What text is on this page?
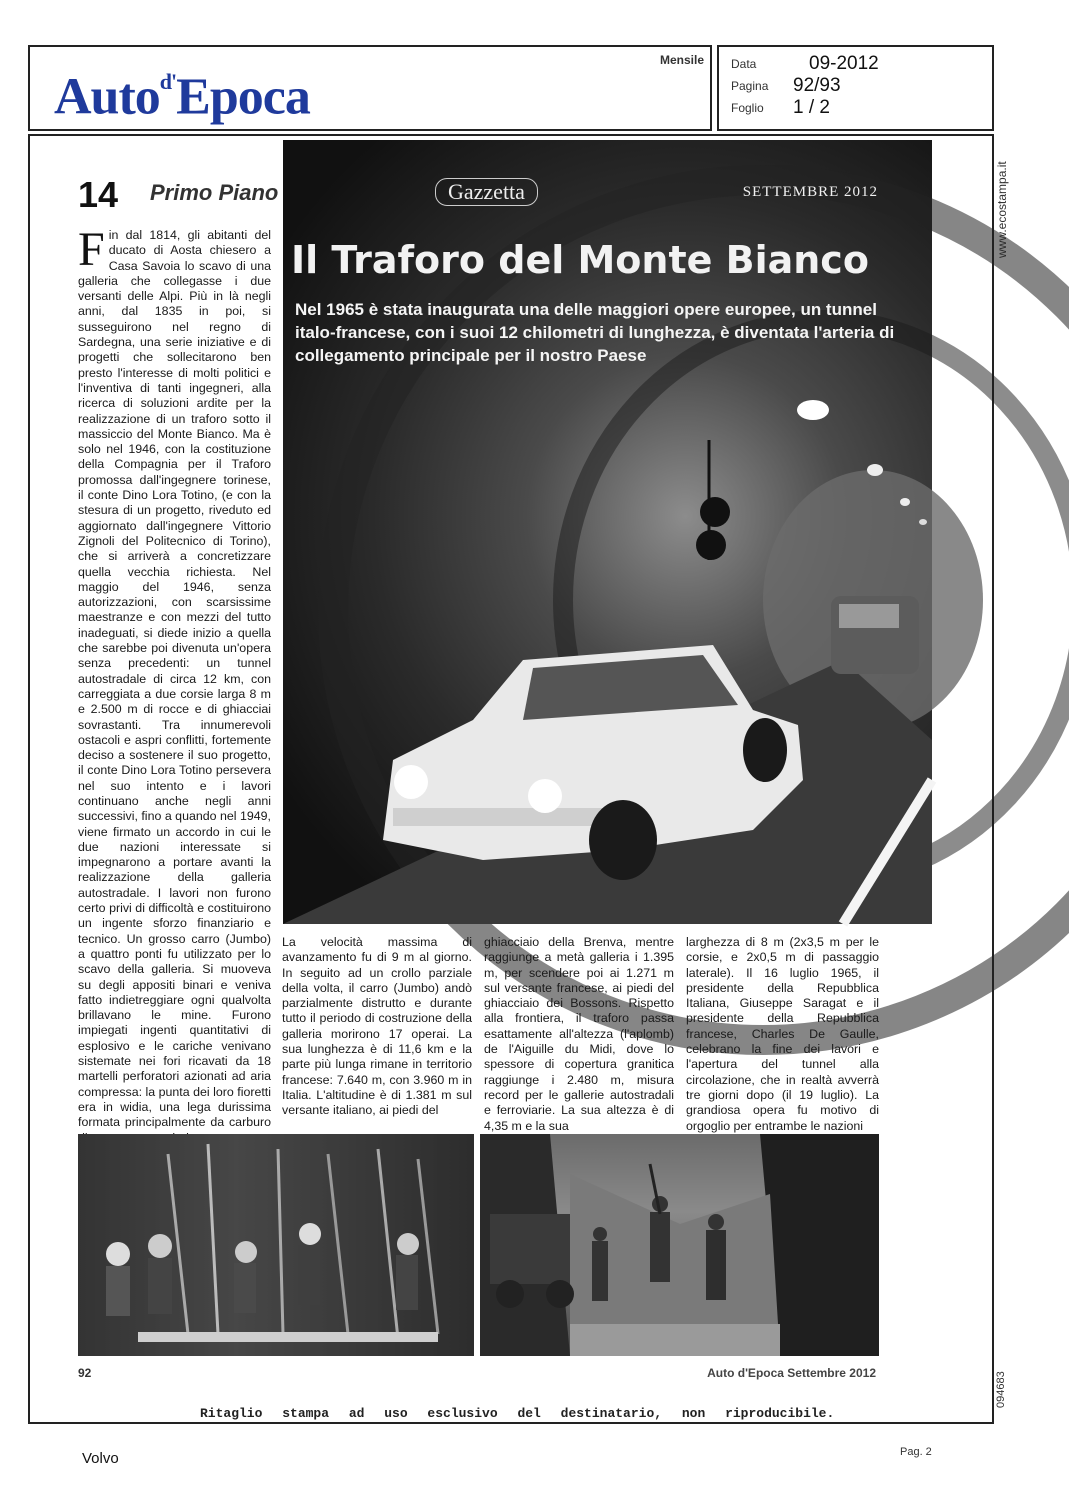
Auto$^{d'}$Epoca
Mensile Data	09-2012
Pagina 92/93
Foglio 1 / 2
www.ecostampa.it
094683
14 Primo Piano	Gazzetta	SETTEMBRE 2012
Il Traforo del Monte Bianco
Nel 1965 è stata inaugurata una delle maggiori opere europee, un tunnel italo-francese, con i suoi 12 chilometri di lunghezza, è diventata l'arteria di collegamento principale per il nostro Paese
Fin dal 1814, gli abitanti del ducato di Aosta chiesero a Casa Savoia lo scavo di una galleria che collegasse i due versanti delle Alpi. Più in là negli anni, dal 1835 in poi, si susseguirono nel regno di Sardegna, una serie iniziative e di progetti che sollecitarono ben presto l'interesse di molti politici e l'inventiva di tanti ingegneri, alla ricerca di soluzioni ardite per la realizzazione di un traforo sotto il massiccio del Monte Bianco. Ma è solo nel 1946, con la costituzione della Compagnia per il Traforo promossa dall'ingegnere torinese, il conte Dino Lora Totino, (e con la stesura di un progetto, riveduto ed aggiornato dall'ingegnere Vittorio Zignoli del Politecnico di Torino), che si arriverà a concretizzare quella vecchia richiesta. Nel maggio del 1946, senza autorizzazioni, con scarsissime maestranze e con mezzi del tutto inadeguati, si diede inizio a quella che sarebbe poi divenuta un'opera senza precedenti: un tunnel autostradale di circa 12 km, con carreggiata a due corsie larga 8 m e 2.500 m di rocce e di ghiacciai sovrastanti. Tra innumerevoli ostacoli e aspri conflitti, fortemente deciso a sostenere il suo progetto, il conte Dino Lora Totino persevera nel suo intento e i lavori continuano anche negli anni successivi, fino a quando nel 1949, viene firmato un accordo in cui le due nazioni interessate si impegnarono a portare avanti la realizzazione della galleria autostradale. I lavori non furono certo privi di difficoltà e costituirono un ingente sforzo finanziario e tecnico. Un grosso carro (Jumbo) a quattro ponti fu utilizzato per lo scavo della galleria. Si muoveva su degli appositi binari e veniva fatto indietreggiare ogni qualvolta brillavano le mine. Furono impiegati ingenti quantitativi di esplosivo e le cariche venivano sistemate nei fori ricavati da 18 martelli perforatori azionati ad aria compressa: la punta dei loro fioretti era in widia, una lega durissima formata principalmente da carburo
La velocità massima di avanzamento fu di 9 m al giorno. In seguito ad un crollo parziale della volta, il carro (Jumbo) andò parzialmente distrutto e durante tutto il periodo di costruzione della galleria morirono 17 operai. La sua lunghezza è di 11,6 km e la parte più lunga rimane in territorio francese: 7.640 m, con 3.960 m in Italia. L'altitudine è di 1.381 m sul versante italiano, ai piedi del
ghiacciaio della Brenva, mentre raggiunge a metà galleria i 1.395 m, per scendere poi ai 1.271 m sul versante francese, ai piedi del ghiacciaio dei Bossons. Rispetto alla frontiera, il traforo passa esattamente all'altezza (l'aplomb) de l'Aiguille du Midi, dove lo spessore di copertura granitica raggiunge i 2.480 m, misura record per le gallerie autostradali e ferroviarie. La sua altezza è di 4,35 m e la sua
larghezza di 8 m (2x3,5 m per le corsie, e 2x0,5 m di passaggio laterale). Il 16 luglio 1965, il presidente della Repubblica Italiana, Giuseppe Saragat e il presidente della Repubblica francese, Charles De Gaulle, celebrano la fine dei lavori e l'apertura del tunnel alla circolazione, che in realtà avverrà tre giorni dopo (il 19 luglio). La grandiosa opera fu motivo di orgoglio per entrambe le nazioni
92	Auto d'Epoca Settembre 2012
Ritaglio stampa ad uso esclusivo del destinatario, non riproducibile.
Volvo	Pag. 2
